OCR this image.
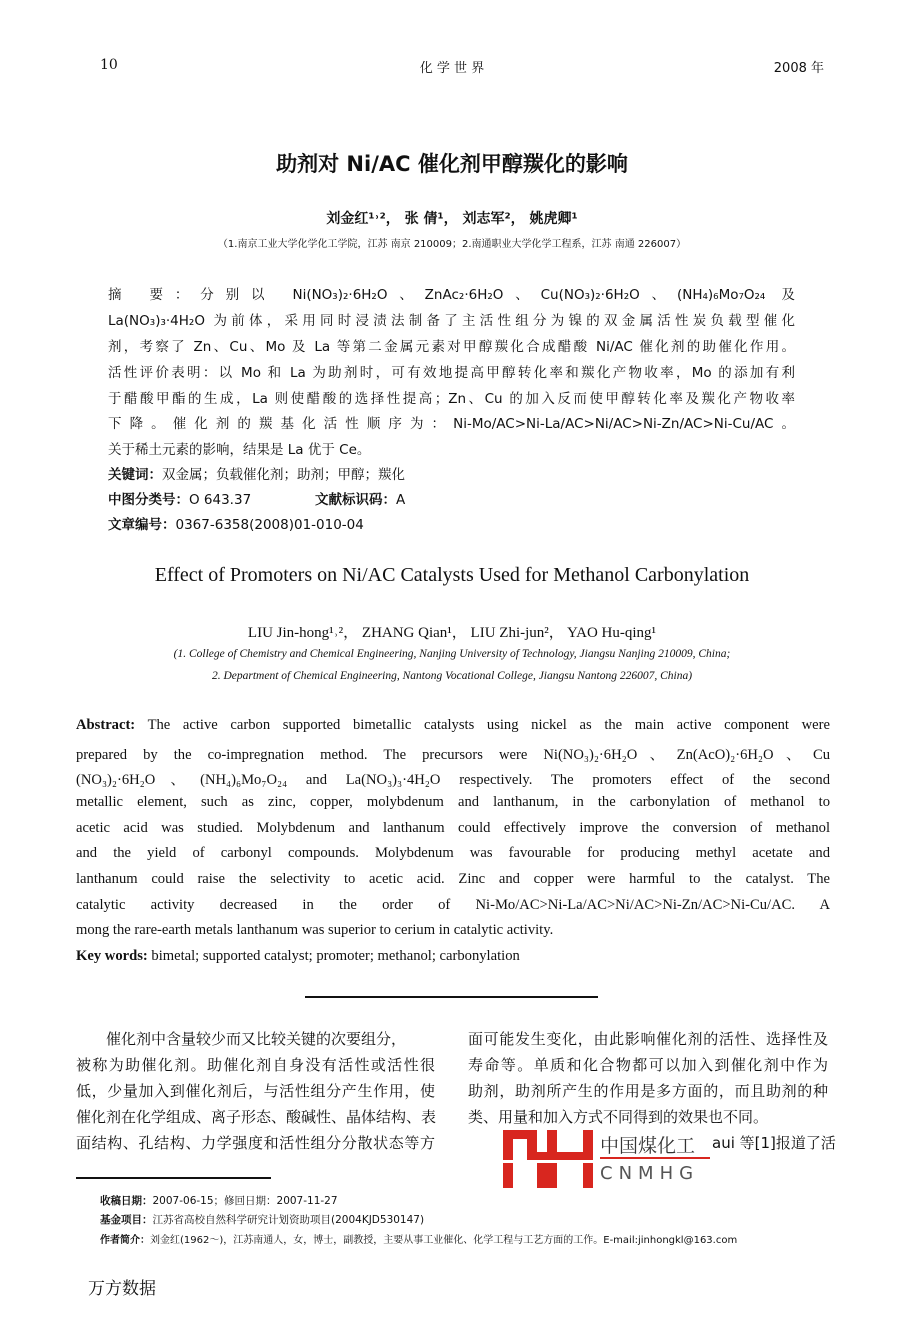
10	化 学 世 界	2008 年
助剂对 Ni/AC 催化剂甲醇羰化的影响
刘金红¹˒²， 张 倩¹， 刘志军²， 姚虎卿¹
（1.南京工业大学化学化工学院，江苏 南京 210009；2.南通职业大学化学工程系，江苏 南通 226007）
摘 要：分别以 Ni(NO₃)₂·6H₂O、ZnAc₂·6H₂O、Cu(NO₃)₂·6H₂O、(NH₄)₆Mo₇O₂₄ 及
La(NO₃)₃·4H₂O 为前体，采用同时浸渍法制备了主活性组分为镍的双金属活性炭负载型催化
剂，考察了 Zn、Cu、Mo 及 La 等第二金属元素对甲醇羰化合成醋酸 Ni/AC 催化剂的助催化作用。
活性评价表明：以 Mo 和 La 为助剂时，可有效地提高甲醇转化率和羰化产物收率，Mo 的添加有利
于醋酸甲酯的生成，La 则使醋酸的选择性提高；Zn、Cu 的加入反而使甲醇转化率及羰化产物收率
下降。催化剂的羰基化活性顺序为：Ni-Mo/AC>Ni-La/AC>Ni/AC>Ni-Zn/AC>Ni-Cu/AC。
关于稀土元素的影响，结果是 La 优于 Ce。
关键词：双金属；负载催化剂；助剂；甲醇；羰化
中图分类号：O 643.37	文献标识码：A
文章编号：0367-6358(2008)01-010-04
Effect of Promoters on Ni/AC Catalysts Used for Methanol Carbonylation
LIU Jin-hong¹˒²， ZHANG Qian¹， LIU Zhi-jun²， YAO Hu-qing¹
(1. College of Chemistry and Chemical Engineering, Nanjing University of Technology, Jiangsu Nanjing 210009, China;
2. Department of Chemical Engineering, Nantong Vocational College, Jiangsu Nantong 226007, China)
Abstract: The active carbon supported bimetallic catalysts using nickel as the main active component were
prepared by the co-impregnation method. The precursors were Ni(NO₃)₂·6H₂O、Zn(AcO)₂·6H₂O、Cu
(NO₃)₂·6H₂O、(NH₄)₆Mo₇O₂₄ and La(NO₃)₃·4H₂O respectively. The promoters effect of the second
metallic element, such as zinc, copper, molybdenum and lanthanum, in the carbonylation of methanol to
acetic acid was studied. Molybdenum and lanthanum could effectively improve the conversion of methanol
and the yield of carbonyl compounds. Molybdenum was favourable for producing methyl acetate and
lanthanum could raise the selectivity to acetic acid. Zinc and copper were harmful to the catalyst. The
catalytic activity decreased in the order of Ni-Mo/AC>Ni-La/AC>Ni/AC>Ni-Zn/AC>Ni-Cu/AC. A
mong the rare-earth metals lanthanum was superior to cerium in catalytic activity.
Key words: bimetal; supported catalyst; promoter; methanol; carbonylation
催化剂中含量较少而又比较关键的次要组分，
被称为助催化剂。助催化剂自身没有活性或活性很
低，少量加入到催化剂后，与活性组分产生作用，使
催化剂在化学组成、离子形态、酸碱性、晶体结构、表
面结构、孔结构、力学强度和活性组分分散状态等方
面可能发生变化，由此影响催化剂的活性、选择性及
寿命等。单质和化合物都可以加入到催化剂中作为
助剂，助剂所产生的作用是多方面的，而且助剂的种
类、用量和加入方式不同得到的效果也不同。
aui 等[1]报道了活
中国煤化工
CNMHG
收稿日期：2007-06-15；修回日期：2007-11-27
基金项目：江苏省高校自然科学研究计划资助项目(2004KJD530147)
作者简介：刘金红(1962～)，江苏南通人，女，博士，副教授，主要从事工业催化、化学工程与工艺方面的工作。E-mail:jinhongkl@163.com
万方数据
